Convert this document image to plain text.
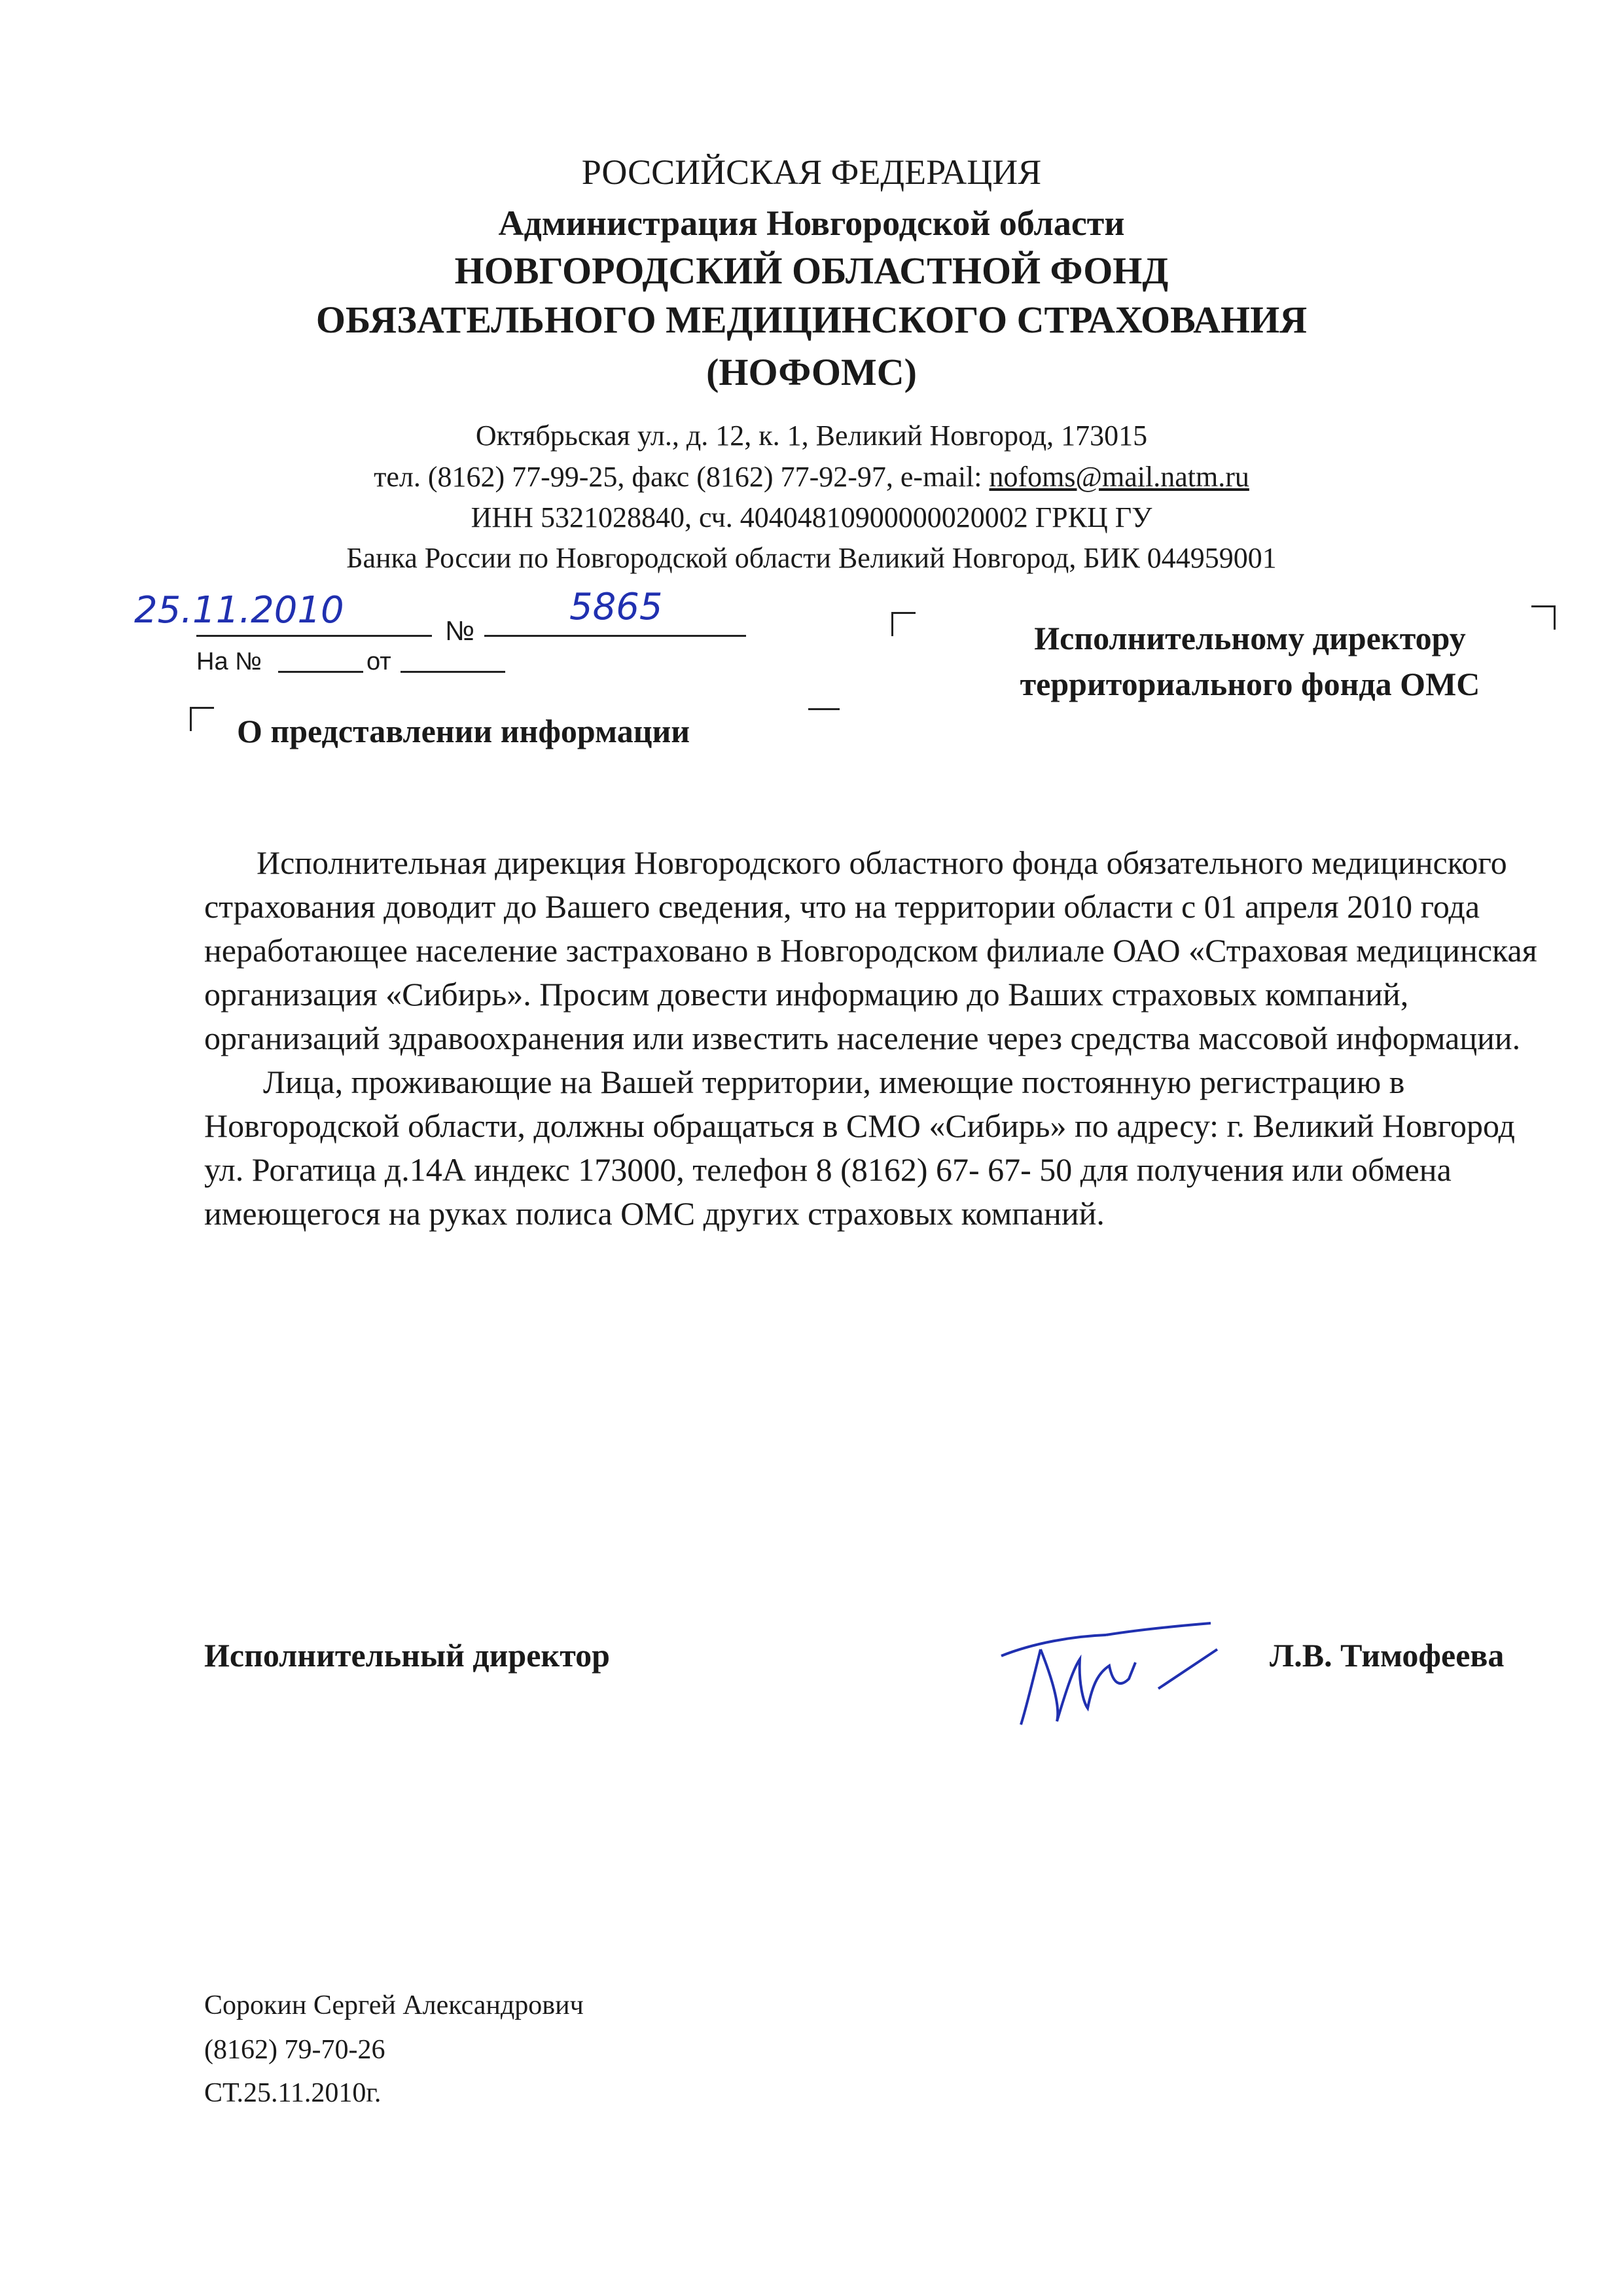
РОССИЙСКАЯ ФЕДЕРАЦИЯ
Администрация Новгородской области
НОВГОРОДСКИЙ ОБЛАСТНОЙ ФОНД
ОБЯЗАТЕЛЬНОГО МЕДИЦИНСКОГО СТРАХОВАНИЯ
(НОФОМС)
Октябрьская ул., д. 12, к. 1, Великий Новгород, 173015
тел. (8162) 77-99-25, факс (8162) 77-92-97, e-mail: nofoms@mail.natm.ru
ИНН 5321028840, сч. 40404810900000020002 ГРКЦ ГУ
Банка России по Новгородской области Великий Новгород, БИК 044959001
25.11.2010	№
5865
На №	от
Исполнительному директору
территориального фонда ОМС
О представлении информации

Исполнительная дирекция Новгородского областного фонда обязательного медицинского страхования доводит до Вашего сведения, что на территории области с 01 апреля 2010 года неработающее население застраховано в Новгородском филиале ОАО «Страховая медицинская организация «Сибирь». Просим довести информацию до Ваших страховых компаний, организаций здравоохранения или известить население через средства массовой информации.

Лица, проживающие на Вашей территории, имеющие постоянную регистрацию в Новгородской области, должны обращаться в СМО «Сибирь» по адресу: г. Великий Новгород ул. Рогатица д.14А индекс 173000, телефон 8 (8162) 67- 67- 50 для получения или обмена имеющегося на руках полиса ОМС других страховых компаний.

Исполнительный директор	Л.В. Тимофеева
Сорокин Сергей Александрович
(8162) 79-70-26
СТ.25.11.2010г.
